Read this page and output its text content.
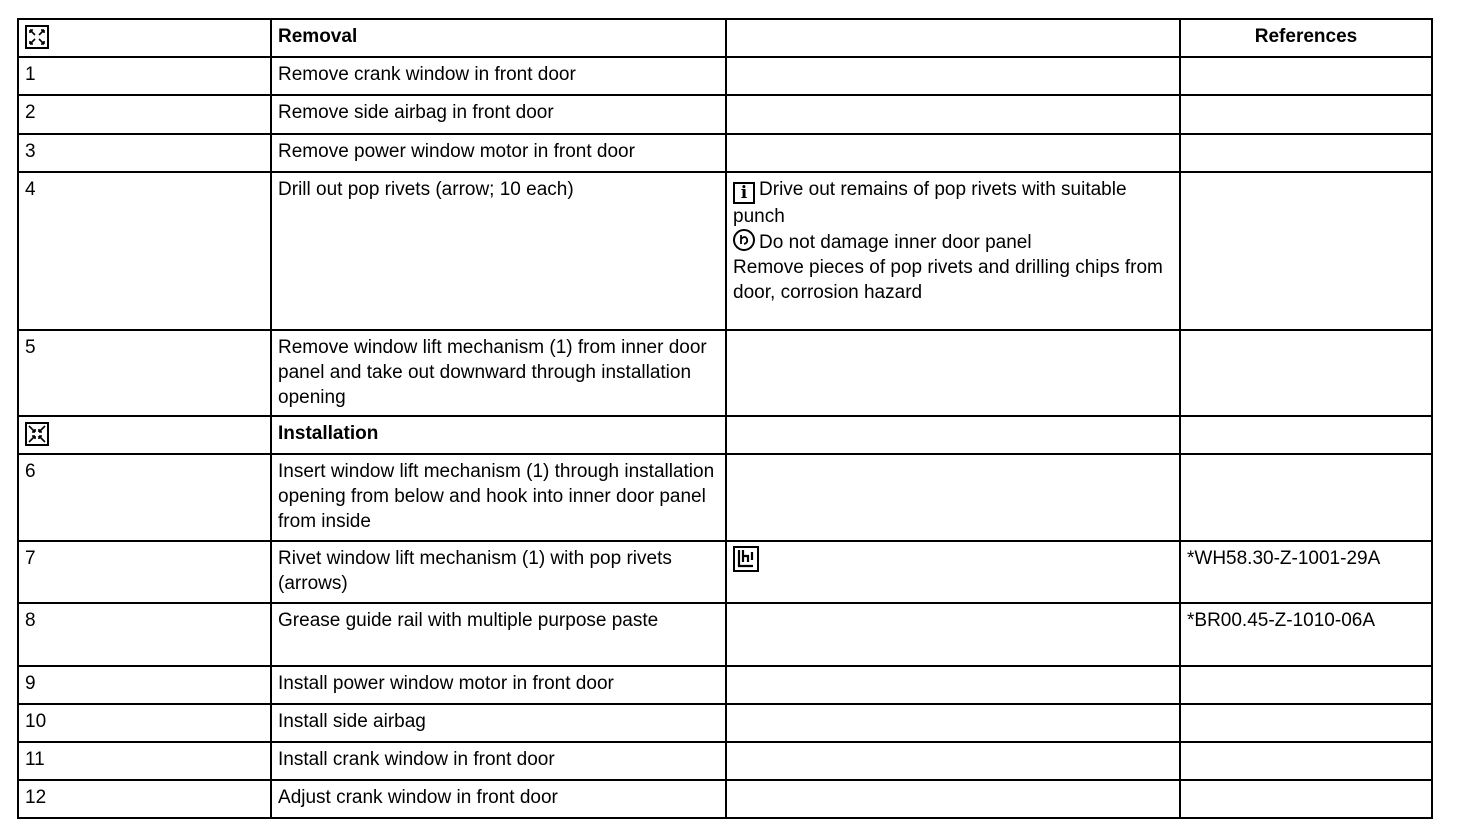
	Removal		References
1	Remove crank window in front door		
2	Remove side airbag in front door		
3	Remove power window motor in front door		
4	Drill out pop rivets (arrow; 10 each)	i Drive out remains of pop rivets with suitable punch
Do not damage inner door panel
Remove pieces of pop rivets and drilling chips from door, corrosion hazard	

5	Remove window lift mechanism (1) from inner door panel and take out downward through installation opening		
	Installation		
6	Insert window lift mechanism (1) through installation opening from below and hook into inner door panel from inside		
7	Rivet window lift mechanism (1) with pop rivets (arrows)		*WH58.30-Z-1001-29A
8	Grease guide rail with multiple purpose paste		*BR00.45-Z-1010-06A
9	Install power window motor in front door		
10	Install side airbag		
11	Install crank window in front door		
12	Adjust crank window in front door		
